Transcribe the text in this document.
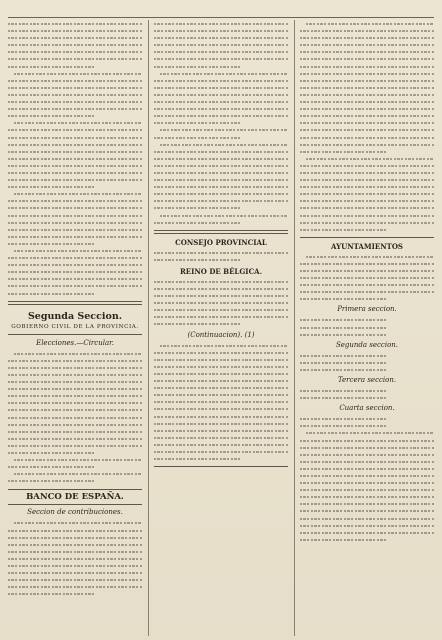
Segunda Seccion.
GOBIERNO CIVIL DE LA PROVINCIA.
Elecciones.—Circular.
BANCO DE ESPAÑA.
Seccion de contribuciones.
CONSEJO PROVINCIAL
REINO DE BÉLGICA.
(Continuacion). (1)
AYUNTAMIENTOS
Primera seccion.
Segunda seccion.
Tercera seccion.
Cuarta seccion.
